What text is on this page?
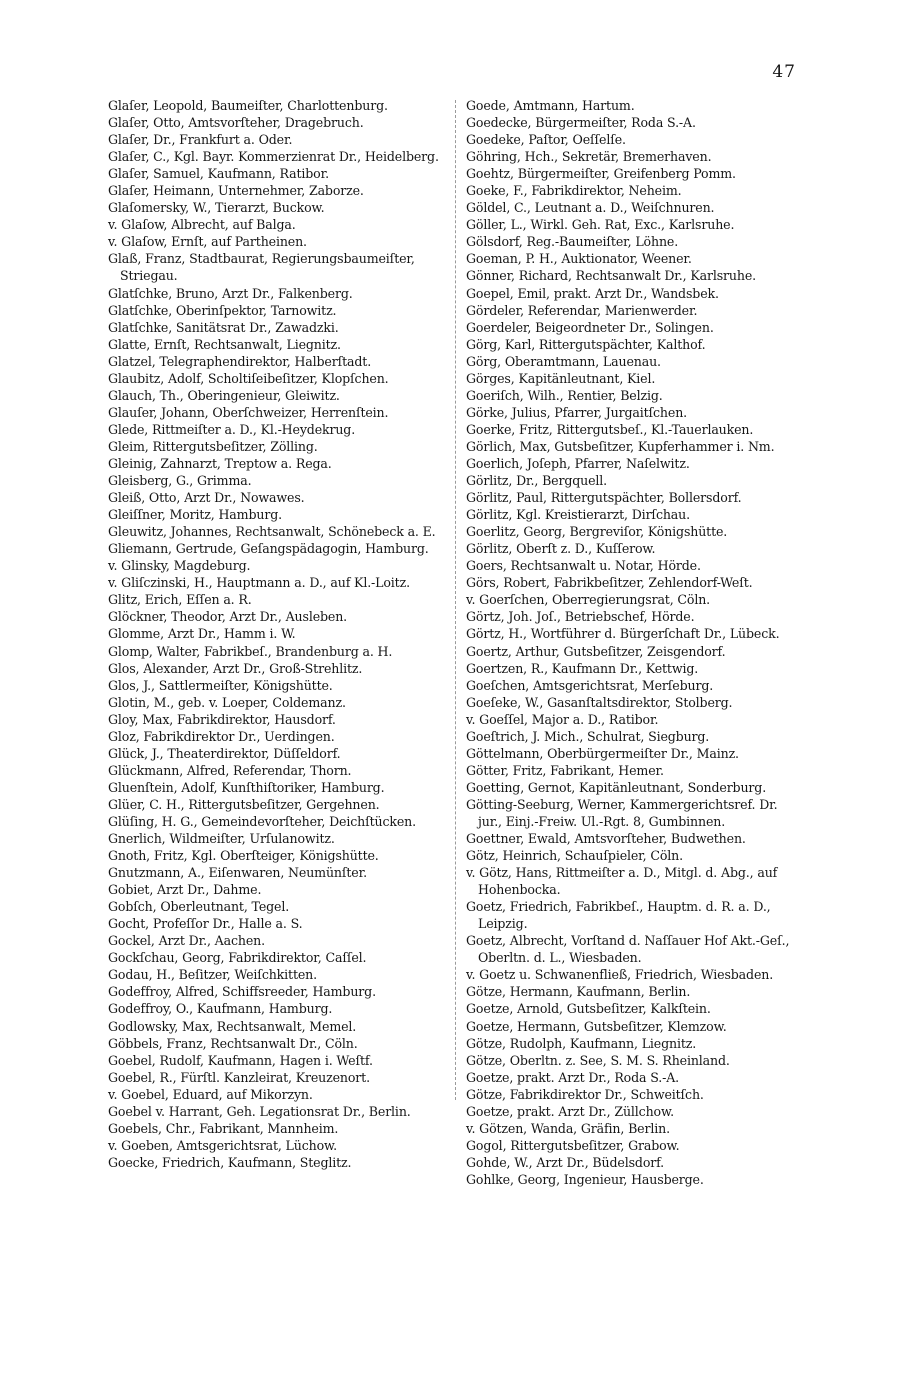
47
Glaſer, Leopold, Baumeiſter, Charlottenburg.
Glaſer, Otto, Amtsvorſteher, Dragebruch.
Glaſer, Dr., Frankfurt a. Oder.
Glaſer, C., Kgl. Bayr. Kommerzienrat Dr., Heidelberg.
Glaſer, Samuel, Kaufmann, Ratibor.
Glaſer, Heimann, Unternehmer, Zaborze.
Glaſomersky, W., Tierarzt, Buckow.
v. Glaſow, Albrecht, auf Balga.
v. Glaſow, Ernſt, auf Partheinen.
Glaß, Franz, Stadtbaurat, Regierungsbaumeiſter, Striegau.
Glatſchke, Bruno, Arzt Dr., Falkenberg.
Glatſchke, Oberinſpektor, Tarnowitz.
Glatſchke, Sanitätsrat Dr., Zawadzki.
Glatte, Ernſt, Rechtsanwalt, Liegnitz.
Glatzel, Telegraphendirektor, Halberſtadt.
Glaubitz, Adolf, Scholtiſeibeſitzer, Klopſchen.
Glauch, Th., Oberingenieur, Gleiwitz.
Glauſer, Johann, Oberſchweizer, Herrenſtein.
Glede, Rittmeiſter a. D., Kl.-Heydekrug.
Gleim, Rittergutsbeſitzer, Zölling.
Gleinig, Zahnarzt, Treptow a. Rega.
Gleisberg, G., Grimma.
Gleiß, Otto, Arzt Dr., Nowawes.
Gleiſſner, Moritz, Hamburg.
Gleuwitz, Johannes, Rechtsanwalt, Schönebeck a. E.
Gliemann, Gertrude, Geſangspädagogin, Hamburg.
v. Glinsky, Magdeburg.
v. Gliſczinski, H., Hauptmann a. D., auf Kl.-Loitz.
Glitz, Erich, Eſſen a. R.
Glöckner, Theodor, Arzt Dr., Ausleben.
Glomme, Arzt Dr., Hamm i. W.
Glomp, Walter, Fabrikbeſ., Brandenburg a. H.
Glos, Alexander, Arzt Dr., Groß-Strehlitz.
Glos, J., Sattlermeiſter, Königshütte.
Glotin, M., geb. v. Loeper, Coldemanz.
Gloy, Max, Fabrikdirektor, Hausdorf.
Gloz, Fabrikdirektor Dr., Uerdingen.
Glück, J., Theaterdirektor, Düſſeldorf.
Glückmann, Alfred, Referendar, Thorn.
Gluenſtein, Adolf, Kunſthiſtoriker, Hamburg.
Glüer, C. H., Rittergutsbeſitzer, Gergehnen.
Glüſing, H. G., Gemeindevorſteher, Deichſtücken.
Gnerlich, Wildmeiſter, Urſulanowitz.
Gnoth, Fritz, Kgl. Oberſteiger, Königshütte.
Gnutzmann, A., Eiſenwaren, Neumünſter.
Gobiet, Arzt Dr., Dahme.
Gobſch, Oberleutnant, Tegel.
Gocht, Profeſſor Dr., Halle a. S.
Gockel, Arzt Dr., Aachen.
Gockſchau, Georg, Fabrikdirektor, Caſſel.
Godau, H., Beſitzer, Weiſchkitten.
Godeffroy, Alfred, Schiffsreeder, Hamburg.
Godeffroy, O., Kaufmann, Hamburg.
Godlowsky, Max, Rechtsanwalt, Memel.
Göbbels, Franz, Rechtsanwalt Dr., Cöln.
Goebel, Rudolf, Kaufmann, Hagen i. Weſtf.
Goebel, R., Fürſtl. Kanzleirat, Kreuzenort.
v. Goebel, Eduard, auf Mikorzyn.
Goebel v. Harrant, Geh. Legationsrat Dr., Berlin.
Goebels, Chr., Fabrikant, Mannheim.
v. Goeben, Amtsgerichtsrat, Lüchow.
Goecke, Friedrich, Kaufmann, Steglitz.
Goede, Amtmann, Hartum.
Goedecke, Bürgermeiſter, Roda S.-A.
Goedeke, Paſtor, Oeſſelſe.
Göhring, Hch., Sekretär, Bremerhaven.
Goehtz, Bürgermeiſter, Greifenberg Pomm.
Goeke, F., Fabrikdirektor, Neheim.
Göldel, C., Leutnant a. D., Weiſchnuren.
Göller, L., Wirkl. Geh. Rat, Exc., Karlsruhe.
Gölsdorf, Reg.-Baumeiſter, Löhne.
Goeman, P. H., Auktionator, Weener.
Gönner, Richard, Rechtsanwalt Dr., Karlsruhe.
Goepel, Emil, prakt. Arzt Dr., Wandsbek.
Gördeler, Referendar, Marienwerder.
Goerdeler, Beigeordneter Dr., Solingen.
Görg, Karl, Rittergutspächter, Kalthof.
Görg, Oberamtmann, Lauenau.
Görges, Kapitänleutnant, Kiel.
Goeriſch, Wilh., Rentier, Belzig.
Görke, Julius, Pfarrer, Jurgaitſchen.
Goerke, Fritz, Rittergutsbeſ., Kl.-Tauerlauken.
Görlich, Max, Gutsbeſitzer, Kupferhammer i. Nm.
Goerlich, Joſeph, Pfarrer, Naſelwitz.
Görlitz, Dr., Bergquell.
Görlitz, Paul, Rittergutspächter, Bollersdorf.
Görlitz, Kgl. Kreistierarzt, Dirſchau.
Goerlitz, Georg, Bergreviſor, Königshütte.
Görlitz, Oberſt z. D., Kuſſerow.
Goers, Rechtsanwalt u. Notar, Hörde.
Görs, Robert, Fabrikbeſitzer, Zehlendorf-Weſt.
v. Goerſchen, Oberregierungsrat, Cöln.
Görtz, Joh. Joſ., Betriebschef, Hörde.
Görtz, H., Wortführer d. Bürgerſchaft Dr., Lübeck.
Goertz, Arthur, Gutsbeſitzer, Zeisgendorf.
Goertzen, R., Kaufmann Dr., Kettwig.
Goeſchen, Amtsgerichtsrat, Merſeburg.
Goeſeke, W., Gasanſtaltsdirektor, Stolberg.
v. Goeſſel, Major a. D., Ratibor.
Goeſtrich, J. Mich., Schulrat, Siegburg.
Göttelmann, Oberbürgermeiſter Dr., Mainz.
Götter, Fritz, Fabrikant, Hemer.
Goetting, Gernot, Kapitänleutnant, Sonderburg.
Götting-Seeburg, Werner, Kammergerichtsref. Dr. jur., Einj.-Freiw. Ul.-Rgt. 8, Gumbinnen.
Goettner, Ewald, Amtsvorſteher, Budwethen.
Götz, Heinrich, Schauſpieler, Cöln.
v. Götz, Hans, Rittmeiſter a. D., Mitgl. d. Abg., auf Hohenbocka.
Goetz, Friedrich, Fabrikbeſ., Hauptm. d. R. a. D., Leipzig.
Goetz, Albrecht, Vorſtand d. Naſſauer Hof Akt.-Geſ., Oberltn. d. L., Wiesbaden.
v. Goetz u. Schwanenfließ, Friedrich, Wiesbaden.
Götze, Hermann, Kaufmann, Berlin.
Goetze, Arnold, Gutsbeſitzer, Kalkſtein.
Goetze, Hermann, Gutsbeſitzer, Klemzow.
Götze, Rudolph, Kaufmann, Liegnitz.
Götze, Oberltn. z. See, S. M. S. Rheinland.
Goetze, prakt. Arzt Dr., Roda S.-A.
Götze, Fabrikdirektor Dr., Schweitſch.
Goetze, prakt. Arzt Dr., Züllchow.
v. Götzen, Wanda, Gräfin, Berlin.
Gogol, Rittergutsbeſitzer, Grabow.
Gohde, W., Arzt Dr., Büdelsdorf.
Gohlke, Georg, Ingenieur, Hausberge.
